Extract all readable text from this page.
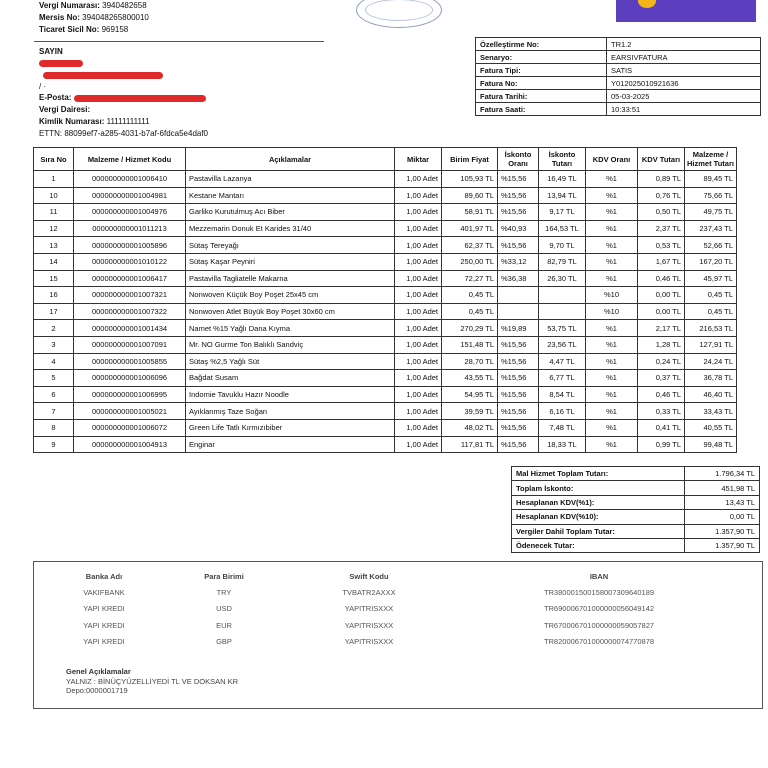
Vergi Numarası: 3940482658
Mersis No: 394048265800010
Ticaret Sicil No: 969158
SAYIN
/ ·
E-Posta:
Vergi Dairesi:
Kimlik Numarası: 11111111111
ETTN: 88099ef7-a285-4031-b7af-6fdca5e4daf0
Özelleştirme No:	TR1.2
Senaryo:	EARSIVFATURA
Fatura Tipi:	SATIS
Fatura No:	Y012025010921636
Fatura Tarihi:	05-03-2025
Fatura Saati:	10:33:51
Sıra No	Malzeme / Hizmet Kodu	Açıklamalar	Miktar	Birim Fiyat	İskonto Oranı	İskonto Tutarı	KDV Oranı	KDV Tutarı	Malzeme / Hizmet Tutarı
1	000000000001006410	Pastavilla Lazanya	1,00 Adet	105,93 TL	%15,56	16,49 TL	%1	0,89 TL	89,45 TL
10	000000000001004981	Kestane Mantarı	1,00 Adet	89,60 TL	%15,56	13,94 TL	%1	0,76 TL	75,66 TL
11	000000000001004976	Garliko Kurutulmuş Acı Biber	1,00 Adet	58,91 TL	%15,56	9,17 TL	%1	0,50 TL	49,75 TL
12	000000000001011213	Mezzemarin Donuk Et Karides 31/40	1,00 Adet	401,97 TL	%40,93	164,53 TL	%1	2,37 TL	237,43 TL
13	000000000001005896	Sütaş Tereyağı	1,00 Adet	62,37 TL	%15,56	9,70 TL	%1	0,53 TL	52,66 TL
14	000000000001010122	Sütaş Kaşar Peyniri	1,00 Adet	250,00 TL	%33,12	82,79 TL	%1	1,67 TL	167,20 TL
15	000000000001006417	Pastavilla Tagliatelle Makarna	1,00 Adet	72,27 TL	%36,38	26,30 TL	%1	0,46 TL	45,97 TL
16	000000000001007321	Nonwoven Küçük Boy Poşet 25x45 cm	1,00 Adet	0,45 TL			%10	0,00 TL	0,45 TL
17	000000000001007322	Nonwoven Atlet Büyük Boy Poşet 30x60 cm	1,00 Adet	0,45 TL			%10	0,00 TL	0,45 TL
2	000000000001001434	Namet %15 Yağlı Dana Kıyma	1,00 Adet	270,29 TL	%19,89	53,75 TL	%1	2,17 TL	216,53 TL
3	000000000001007091	Mr. NO Gurme Ton Balıklı Sandviç	1,00 Adet	151,48 TL	%15,56	23,56 TL	%1	1,28 TL	127,91 TL
4	000000000001005855	Sütaş %2,5 Yağlı Süt	1,00 Adet	28,70 TL	%15,56	4,47 TL	%1	0,24 TL	24,24 TL
5	000000000001006096	Bağdat Susam	1,00 Adet	43,55 TL	%15,56	6,77 TL	%1	0,37 TL	36,78 TL
6	000000000001006995	Indomie Tavuklu Hazır Noodle	1,00 Adet	54,95 TL	%15,56	8,54 TL	%1	0,46 TL	46,40 TL
7	000000000001005021	Ayıklanmış Taze Soğan	1,00 Adet	39,59 TL	%15,56	6,16 TL	%1	0,33 TL	33,43 TL
8	000000000001006072	Green Life Tatlı Kırmızıbiber	1,00 Adet	48,02 TL	%15,56	7,48 TL	%1	0,41 TL	40,55 TL
9	000000000001004913	Enginar	1,00 Adet	117,81 TL	%15,56	18,33 TL	%1	0,99 TL	99,48 TL
Mal Hizmet Toplam Tutarı:	1.796,34 TL
Toplam İskonto:	451,98 TL
Hesaplanan KDV(%1):	13,43 TL
Hesaplanan KDV(%10):	0,00 TL
Vergiler Dahil Toplam Tutar:	1.357,90 TL
Ödenecek Tutar:	1.357,90 TL
Banka Adı	Para Birimi	Swift Kodu	IBAN
VAKIFBANK	TRY	TVBATR2AXXX	TR380001500158007309640189
YAPI KREDI	USD	YAPITRISXXX	TR690006701000000056049142
YAPI KREDI	EUR	YAPITRISXXX	TR670006701000000059057827
YAPI KREDI	GBP	YAPITRISXXX	TR820006701000000074770878
Genel Açıklamalar
YALNIZ : BİNÜÇYÜZELLİYEDİ TL VE DOKSAN KR
Depo:0000001719
